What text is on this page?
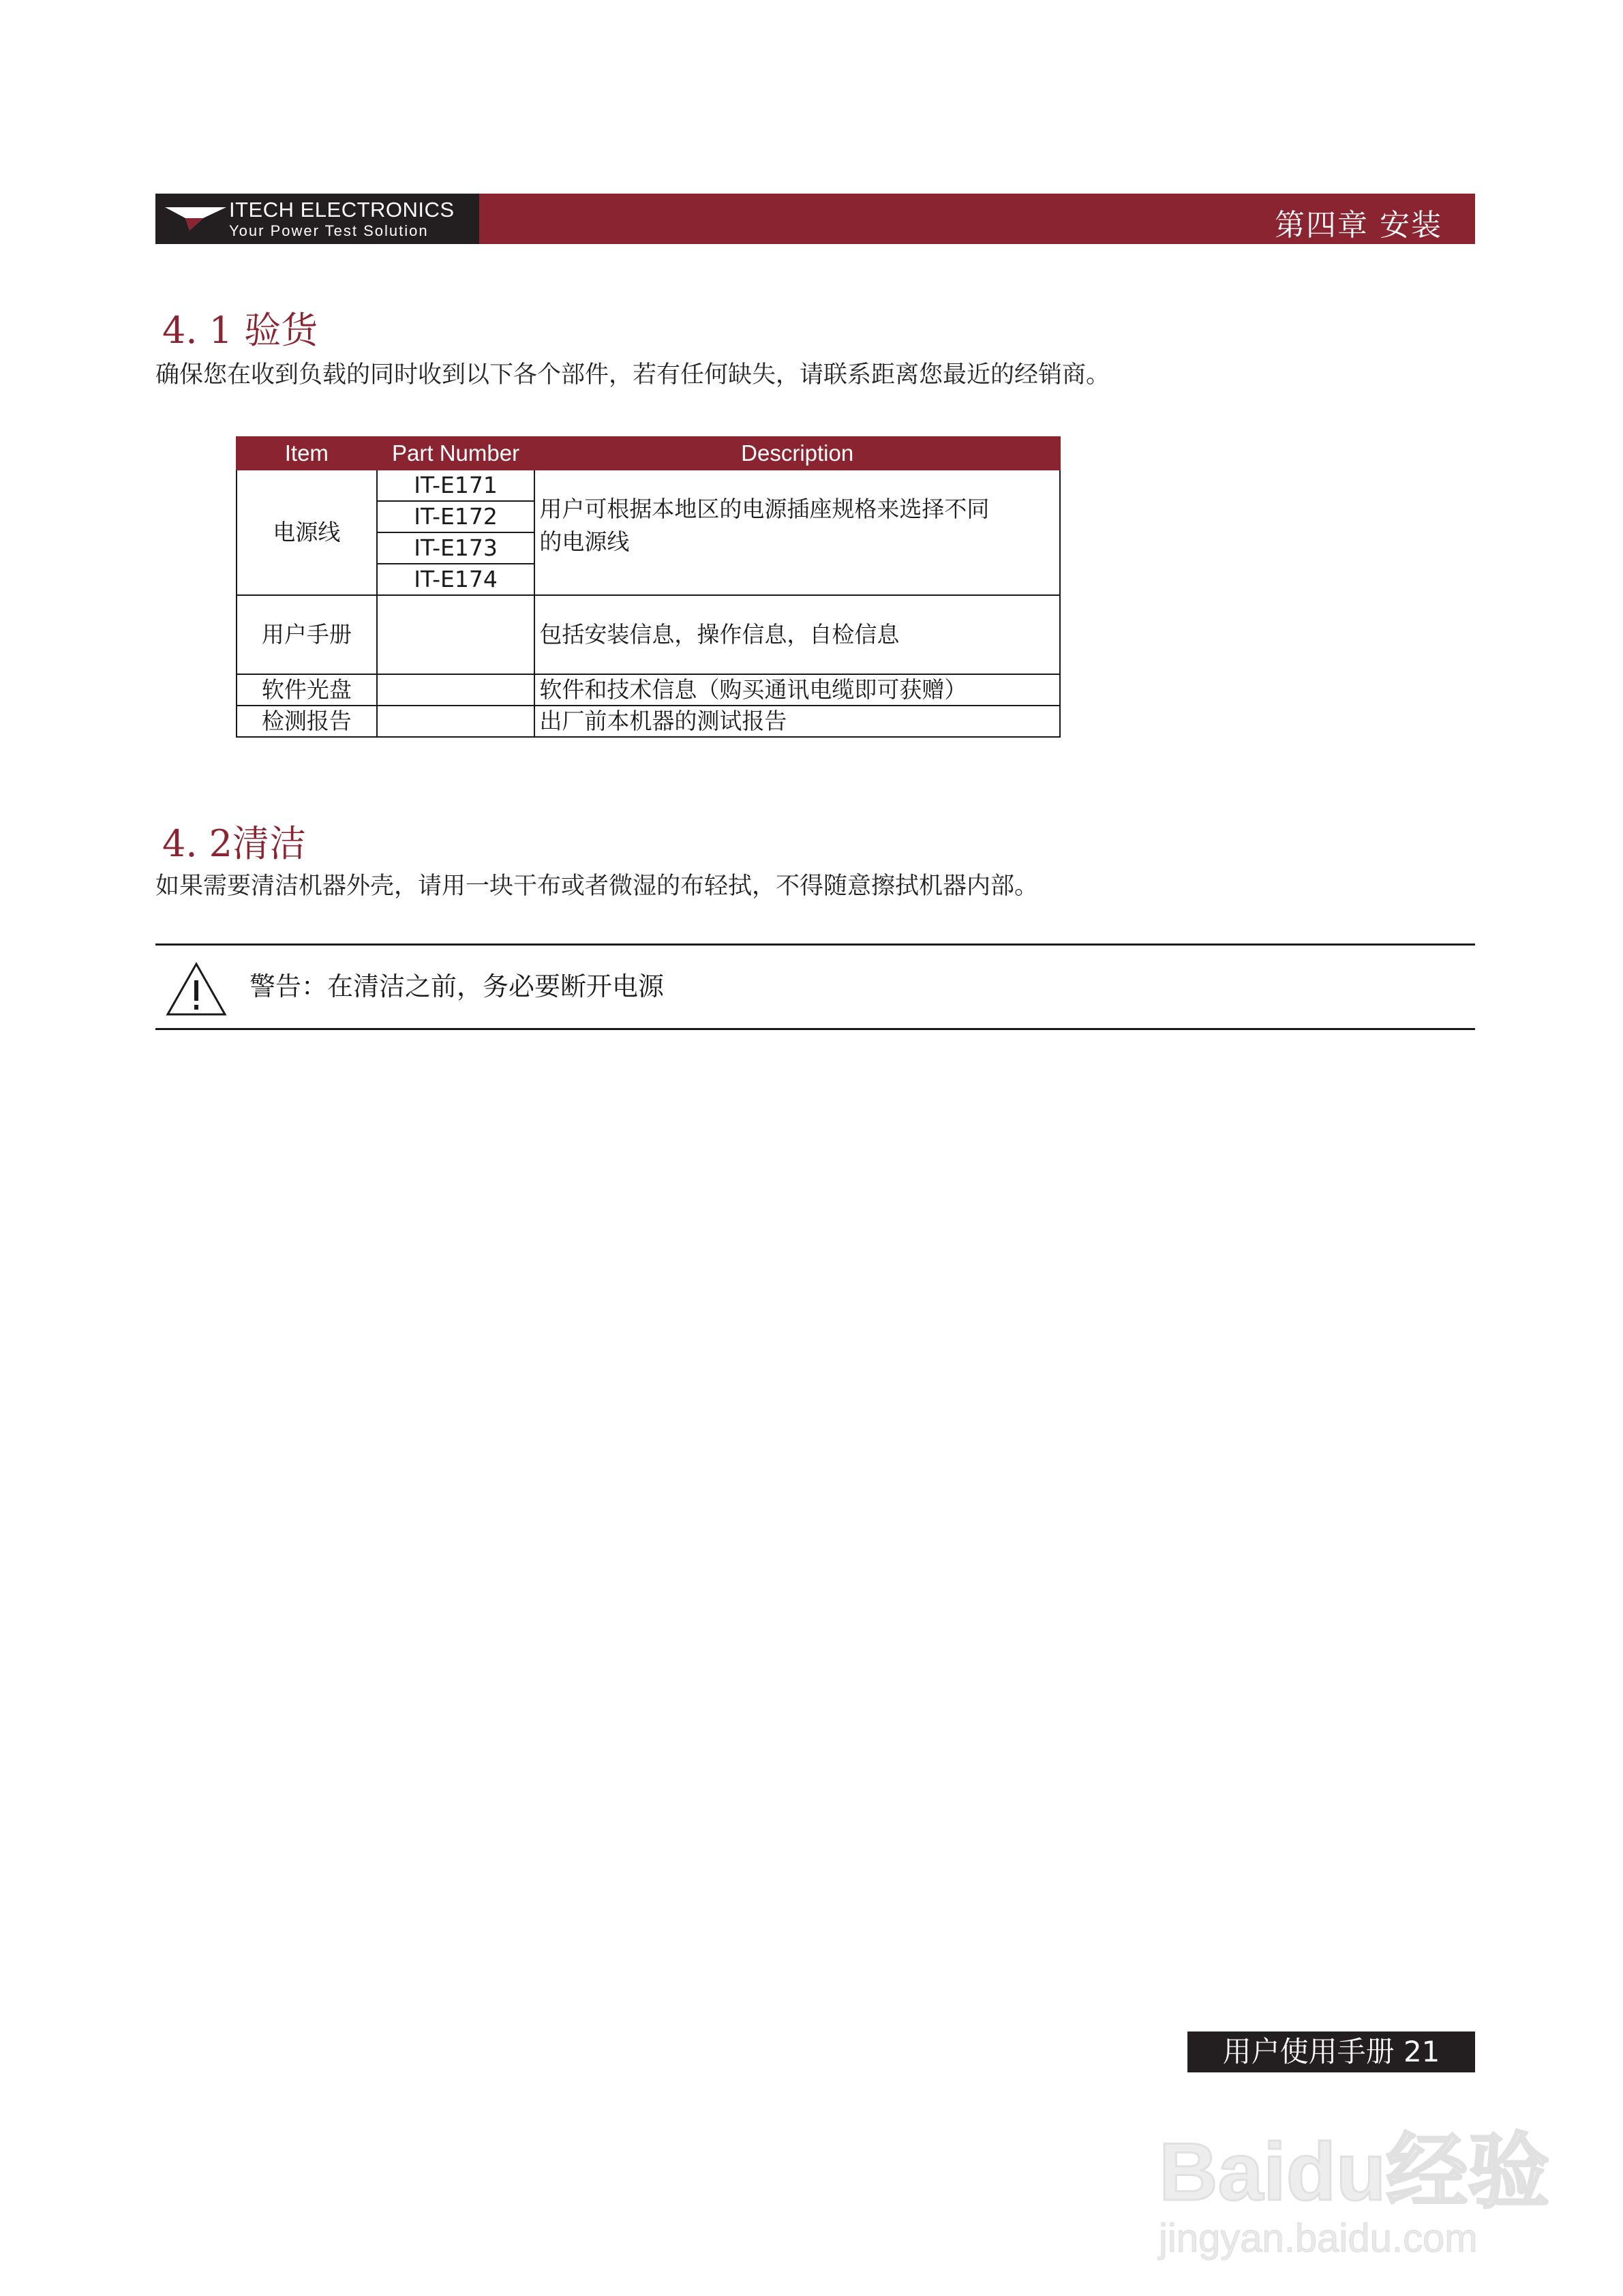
ITECH ELECTRONICS
Your Power Test Solution	第四章 安装
4. 1 验货
确保您在收到负载的同时收到以下各个部件，若有任何缺失，请联系距离您最近的经销商。
Item	Part Number	Description
电源线	IT-E171	用户可根据本地区的电源插座规格来选择不同
的电源线
	IT-E172	
	IT-E173	
	IT-E174	
用户手册		包括安装信息，操作信息，自检信息
软件光盘		软件和技术信息（购买通讯电缆即可获赠）
检测报告		出厂前本机器的测试报告
4. 2清洁
如果需要清洁机器外壳，请用一块干布或者微湿的布轻拭，不得随意擦拭机器内部。
警告：在清洁之前，务必要断开电源
用户使用手册 21
Baidu经验
jingyan.baidu.com
